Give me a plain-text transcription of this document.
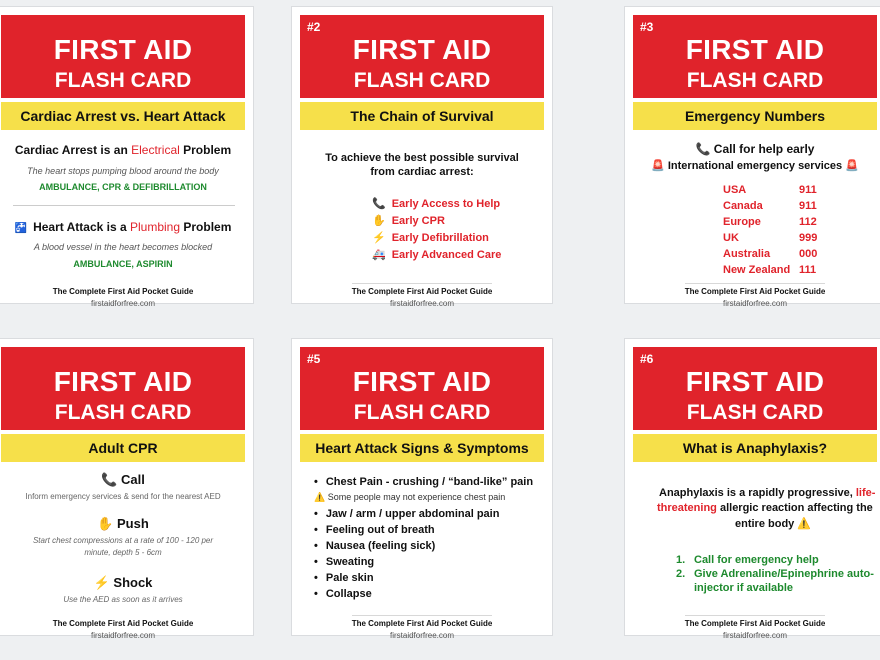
FIRST AID
FLASH CARD
Cardiac Arrest vs. Heart Attack
Cardiac Arrest is an Electrical Problem
The heart stops pumping blood around the body
AMBULANCE, CPR & DEFIBRILLATION
🚰 Heart Attack is a Plumbing Problem
A blood vessel in the heart becomes blocked
AMBULANCE, ASPIRIN
The Complete First Aid Pocket Guide
firstaidforfree.com
#2
FIRST AID
FLASH CARD
The Chain of Survival
To achieve the best possible survival from cardiac arrest:
📞 Early Access to Help
✋ Early CPR
⚡ Early Defibrillation
🚑 Early Advanced Care
The Complete First Aid Pocket Guide
firstaidforfree.com
#3
FIRST AID
FLASH CARD
Emergency Numbers
📞 Call for help early
🚨 International emergency services 🚨
USA	911
Canada	911
Europe	112
UK	999
Australia	000
New Zealand 111
The Complete First Aid Pocket Guide
firstaidforfree.com
FIRST AID
FLASH CARD
Adult CPR
📞 Call
Inform emergency services & send for the nearest AED
✋ Push
Start chest compressions at a rate of 100 - 120 per minute, depth 5 - 6cm
⚡ Shock
Use the AED as soon as it arrives
The Complete First Aid Pocket Guide
firstaidforfree.com
#5
FIRST AID
FLASH CARD
Heart Attack Signs & Symptoms
• Chest Pain - crushing / “band-like” pain
⚠️ Some people may not experience chest pain
• Jaw / arm / upper abdominal pain
• Feeling out of breath
• Nausea (feeling sick)
• Sweating
• Pale skin
• Collapse
The Complete First Aid Pocket Guide
firstaidforfree.com
#6
FIRST AID
FLASH CARD
What is Anaphylaxis?
Anaphylaxis is a rapidly progressive, life-
threatening allergic reaction affecting the
entire body ⚠️
1. Call for emergency help
2. Give Adrenaline/Epinephrine auto-
injector if available
The Complete First Aid Pocket Guide
firstaidforfree.com
